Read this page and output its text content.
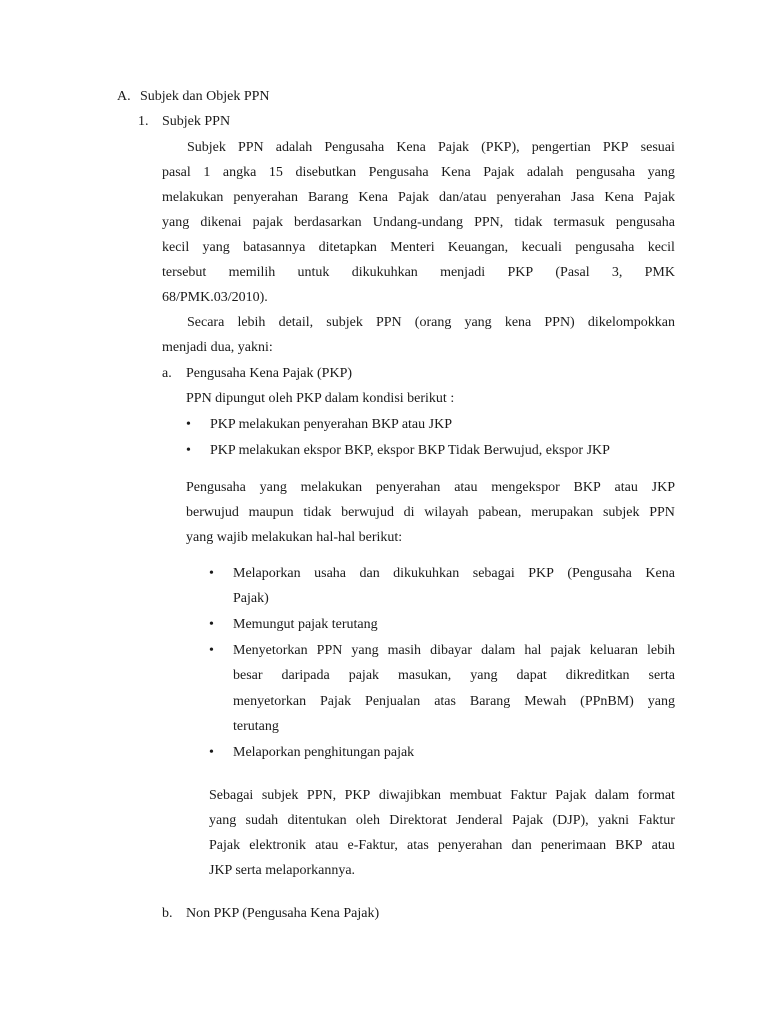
A. Subjek dan Objek PPN
1. Subjek PPN
Subjek PPN adalah Pengusaha Kena Pajak (PKP), pengertian PKP sesuai
pasal 1 angka 15 disebutkan Pengusaha Kena Pajak adalah pengusaha yang
melakukan penyerahan Barang Kena Pajak dan/atau penyerahan Jasa Kena Pajak
yang dikenai pajak berdasarkan Undang-undang PPN, tidak termasuk pengusaha
kecil yang batasannya ditetapkan Menteri Keuangan, kecuali pengusaha kecil
tersebut memilih untuk dikukuhkan menjadi PKP (Pasal 3, PMK
68/PMK.03/2010).
Secara lebih detail, subjek PPN (orang yang kena PPN) dikelompokkan
menjadi dua, yakni:
a. Pengusaha Kena Pajak (PKP)
PPN dipungut oleh PKP dalam kondisi berikut :
• PKP melakukan penyerahan BKP atau JKP
• PKP melakukan ekspor BKP, ekspor BKP Tidak Berwujud, ekspor JKP
Pengusaha yang melakukan penyerahan atau mengekspor BKP atau JKP
berwujud maupun tidak berwujud di wilayah pabean, merupakan subjek PPN
yang wajib melakukan hal-hal berikut:
• Melaporkan usaha dan dikukuhkan sebagai PKP (Pengusaha Kena
Pajak)
• Memungut pajak terutang
• Menyetorkan PPN yang masih dibayar dalam hal pajak keluaran lebih
besar daripada pajak masukan, yang dapat dikreditkan serta
menyetorkan Pajak Penjualan atas Barang Mewah (PPnBM) yang
terutang
• Melaporkan penghitungan pajak
Sebagai subjek PPN, PKP diwajibkan membuat Faktur Pajak dalam format
yang sudah ditentukan oleh Direktorat Jenderal Pajak (DJP), yakni Faktur
Pajak elektronik atau e-Faktur, atas penyerahan dan penerimaan BKP atau
JKP serta melaporkannya.
b. Non PKP (Pengusaha Kena Pajak)
